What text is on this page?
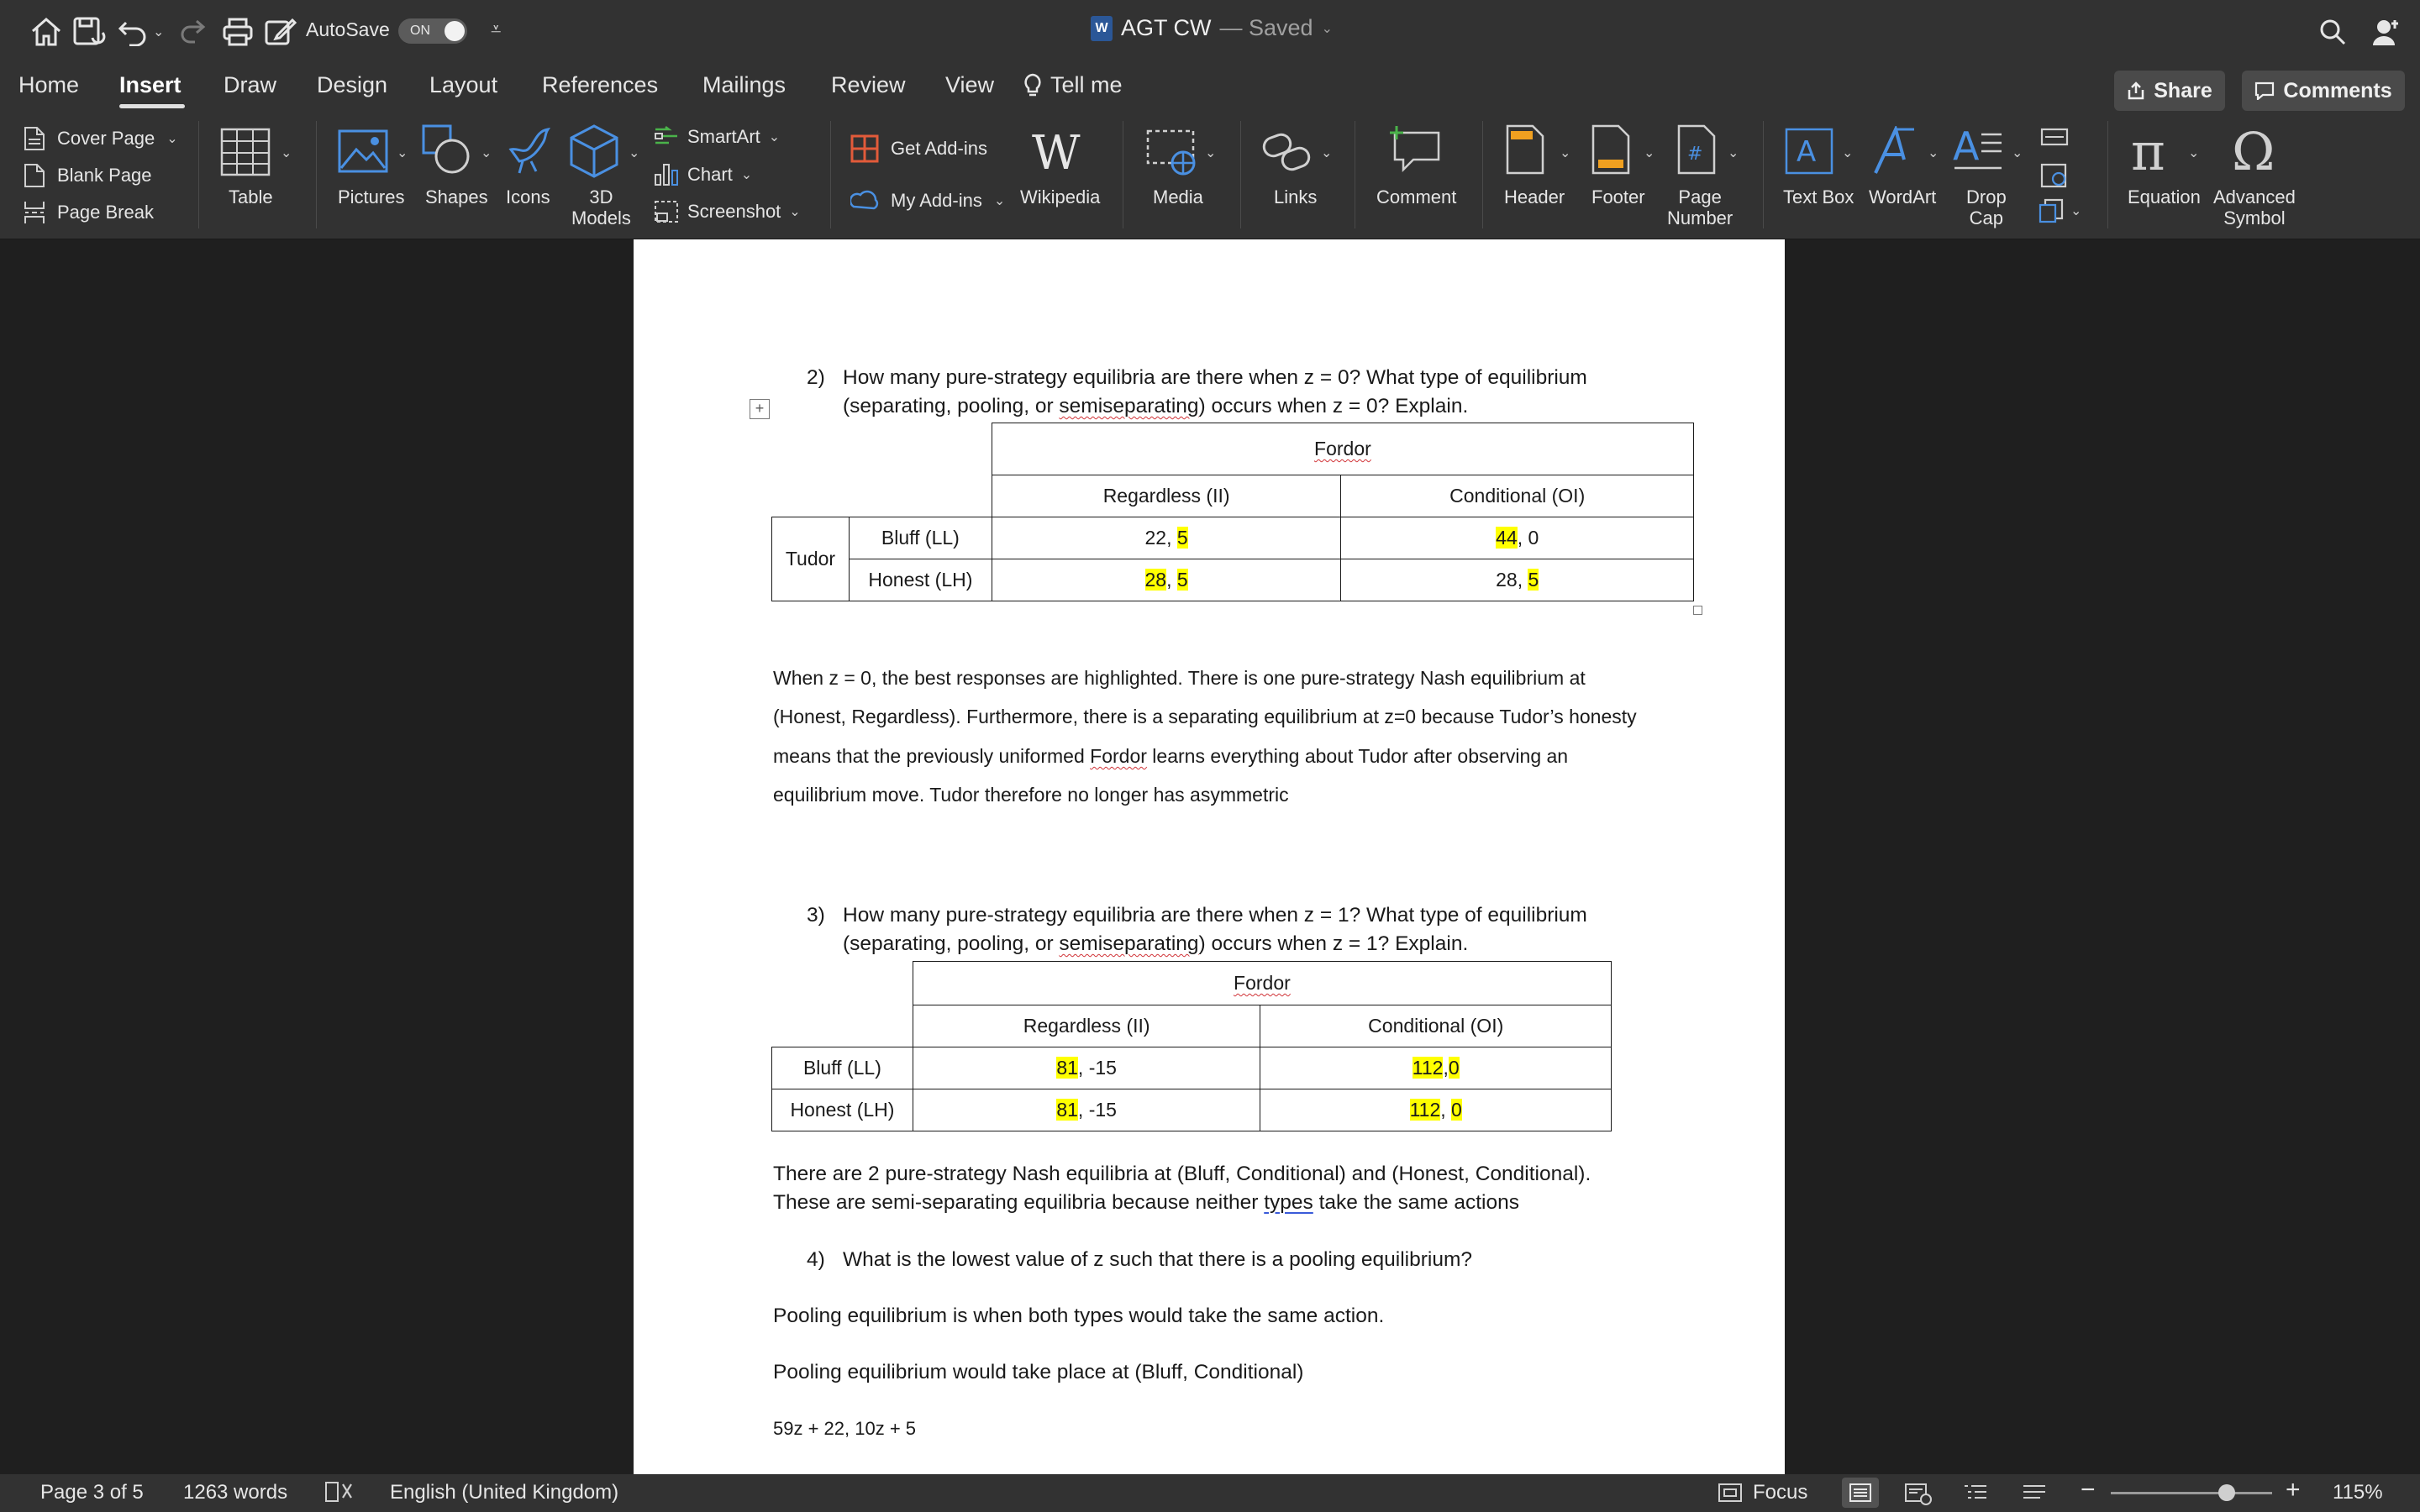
⌄	AutoSave ON	⩡	W AGT CW — Saved ⌄
Home Insert Draw Design Layout References Mailings Review View Tell me	Share	Comments
Cover Page ⌄
Blank Page
Page Break
⌄
Table
⌄
Pictures
⌄
Shapes Icons
⌄
3D
Models
SmartArt ⌄
Chart ⌄
Screenshot ⌄
Get Add-ins
My Add-ins ⌄
W
Wikipedia
⌄
Media
⌄
Links	Comment
⌄
Header
⌄
Footer
# ⌄
Page
Number
A ⌄
Text Box
⌄
WordArt
A ⌄
Drop
Cap	⌄
π ⌄
Equation
Ω
Advanced
Symbol
2) How many pure-strategy equilibria are there when z = 0? What type of equilibrium
(separating, pooling, or semiseparating) occurs when z = 0? Explain.
+
		Fordor	
		Regardless (II)	Conditional (OI)
Tudor	Bluff (LL)	22, 5	44, 0
	Honest (LH)	28, 5	28, 5
When z = 0, the best responses are highlighted. There is one pure-strategy Nash equilibrium at
(Honest, Regardless). Furthermore, there is a separating equilibrium at z=0 because Tudor’s honesty
means that the previously uniformed Fordor learns everything about Tudor after observing an
equilibrium move. Tudor therefore no longer has asymmetric
3) How many pure-strategy equilibria are there when z = 1? What type of equilibrium
(separating, pooling, or semiseparating) occurs when z = 1? Explain.
	Fordor	
	Regardless (II)	Conditional (OI)
Bluff (LL)	81, -15	112,0
Honest (LH)	81, -15	112, 0
There are 2 pure-strategy Nash equilibria at (Bluff, Conditional) and (Honest, Conditional).
These are semi-separating equilibria because neither types take the same actions
4) What is the lowest value of z such that there is a pooling equilibrium?
Pooling equilibrium is when both types would take the same action.
Pooling equilibrium would take place at (Bluff, Conditional)
59z + 22, 10z + 5
Page 3 of 5 1263 words	English (United Kingdom)	Focus	−	+ 115%
